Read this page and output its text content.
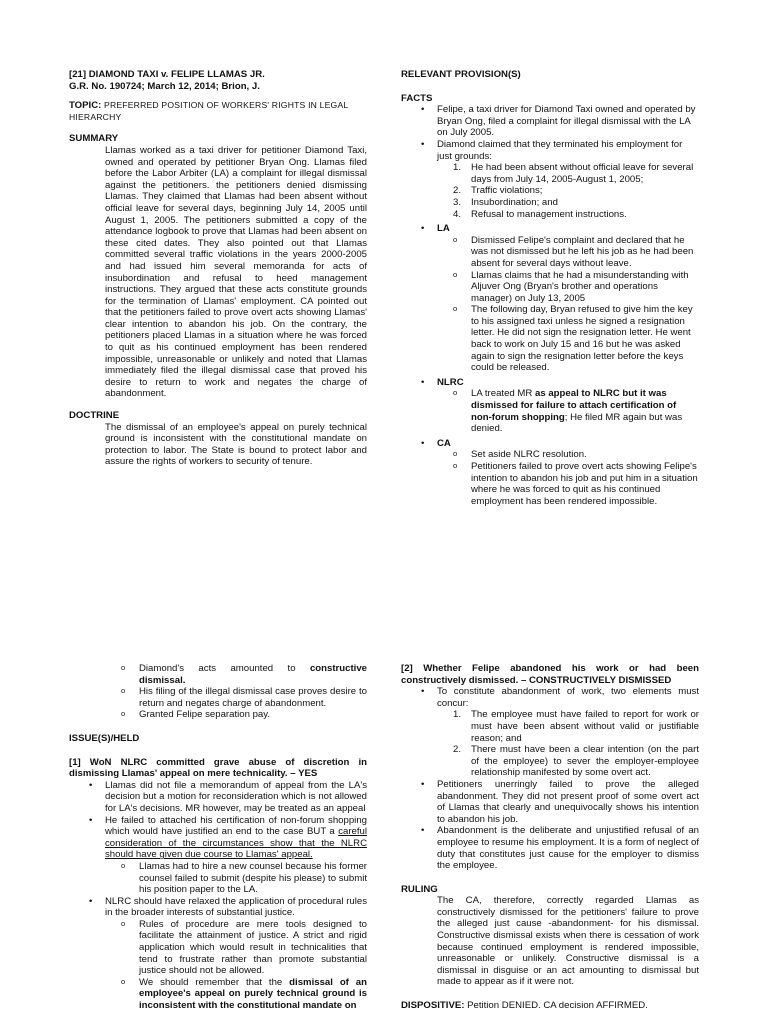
[21] DIAMOND TAXI v. FELIPE LLAMAS JR.

G.R. No. 190724; March 12, 2014; Brion, J.

TOPIC: PREFERRED POSITION OF WORKERS' RIGHTS IN LEGAL

HIERARCHY

SUMMARY

Llamas worked as a taxi driver for petitioner Diamond Taxi, owned and operated by petitioner Bryan Ong. Llamas filed before the Labor Arbiter (LA) a complaint for illegal dismissal against the petitioners. the petitioners denied dismissing Llamas. They claimed that Llamas had been absent without official leave for several days, beginning July 14, 2005 until August 1, 2005. The petitioners submitted a copy of the attendance logbook to prove that Llamas had been absent on these cited dates. They also pointed out that Llamas committed several traffic violations in the years 2000-2005 and had issued him several memoranda for acts of insubordination and refusal to heed management instructions. They argued that these acts constitute grounds for the termination of Llamas' employment. CA pointed out that the petitioners failed to prove overt acts showing Llamas' clear intention to abandon his job. On the contrary, the petitioners placed Llamas in a situation where he was forced to quit as his continued employment has been rendered impossible, unreasonable or unlikely and noted that Llamas immediately filed the illegal dismissal case that proved his desire to return to work and negates the charge of abandonment.

DOCTRINE

The dismissal of an employee's appeal on purely technical ground is inconsistent with the constitutional mandate on protection to labor. The State is bound to protect labor and assure the rights of workers to security of tenure.

RELEVANT PROVISION(S)

FACTS

• Felipe, a taxi driver for Diamond Taxi owned and operated by Bryan Ong, filed a complaint for illegal dismissal with the LA on July 2005.
• Diamond claimed that they terminated his employment for just grounds:
1. He had been absent without official leave for several days from July 14, 2005-August 1, 2005;
2. Traffic violations;
3. Insubordination; and
4. Refusal to management instructions.
• LA
o Dismissed Felipe's complaint and declared that he was not dismissed but he left his job as he had been absent for several days without leave.
o Llamas claims that he had a misunderstanding with Aljuver Ong (Bryan's brother and operations manager) on July 13, 2005
o The following day, Bryan refused to give him the key to his assigned taxi unless he signed a resignation letter. He did not sign the resignation letter. He went back to work on July 15 and 16 but he was asked again to sign the resignation letter before the keys could be released.
• NLRC
o LA treated MR as appeal to NLRC but it was dismissed for failure to attach certification of non-forum shopping; He filed MR again but was denied.
• CA
o Set aside NLRC resolution.
o Petitioners failed to prove overt acts showing Felipe's intention to abandon his job and put him in a situation where he was forced to quit as his continued employment has been rendered impossible.
o Diamond's acts amounted to constructive dismissal.
o His filing of the illegal dismissal case proves desire to return and negates charge of abandonment.
o Granted Felipe separation pay.

ISSUE(S)/HELD

[1] WoN NLRC committed grave abuse of discretion in dismissing Llamas' appeal on mere technicality. – YES

• Llamas did not file a memorandum of appeal from the LA's decision but a motion for reconsideration which is not allowed for LA's decisions. MR however, may be treated as an appeal
• He failed to attached his certification of non-forum shopping which would have justified an end to the case BUT a careful consideration of the circumstances show that the NLRC should have given due course to Llamas' appeal.
o Llamas had to hire a new counsel because his former counsel failed to submit (despite his please) to submit his position paper to the LA.
• NLRC should have relaxed the application of procedural rules in the broader interests of substantial justice.
o Rules of procedure are mere tools designed to facilitate the attainment of justice. A strict and rigid application which would result in technicalities that tend to frustrate rather than promote substantial justice should not be allowed.
o We should remember that the dismissal of an employee's appeal on purely technical ground is inconsistent with the constitutional mandate on

[2] Whether Felipe abandoned his work or had been constructively dismissed. – CONSTRUCTIVELY DISMISSED

• To constitute abandonment of work, two elements must concur:
1. The employee must have failed to report for work or must have been absent without valid or justifiable reason; and
2. There must have been a clear intention (on the part of the employee) to sever the employer-employee relationship manifested by some overt act.
• Petitioners unerringly failed to prove the alleged abandonment. They did not present proof of some overt act of Llamas that clearly and unequivocally shows his intention to abandon his job.
• Abandonment is the deliberate and unjustified refusal of an employee to resume his employment. It is a form of neglect of duty that constitutes just cause for the employer to dismiss the employee.

RULING

The CA, therefore, correctly regarded Llamas as constructively dismissed for the petitioners' failure to prove the alleged just cause -abandonment- for his dismissal. Constructive dismissal exists when there is cessation of work because continued employment is rendered impossible, unreasonable or unlikely. Constructive dismissal is a dismissal in disguise or an act amounting to dismissal but made to appear as if it were not.

DISPOSITIVE: Petition DENIED. CA decision AFFIRMED.
